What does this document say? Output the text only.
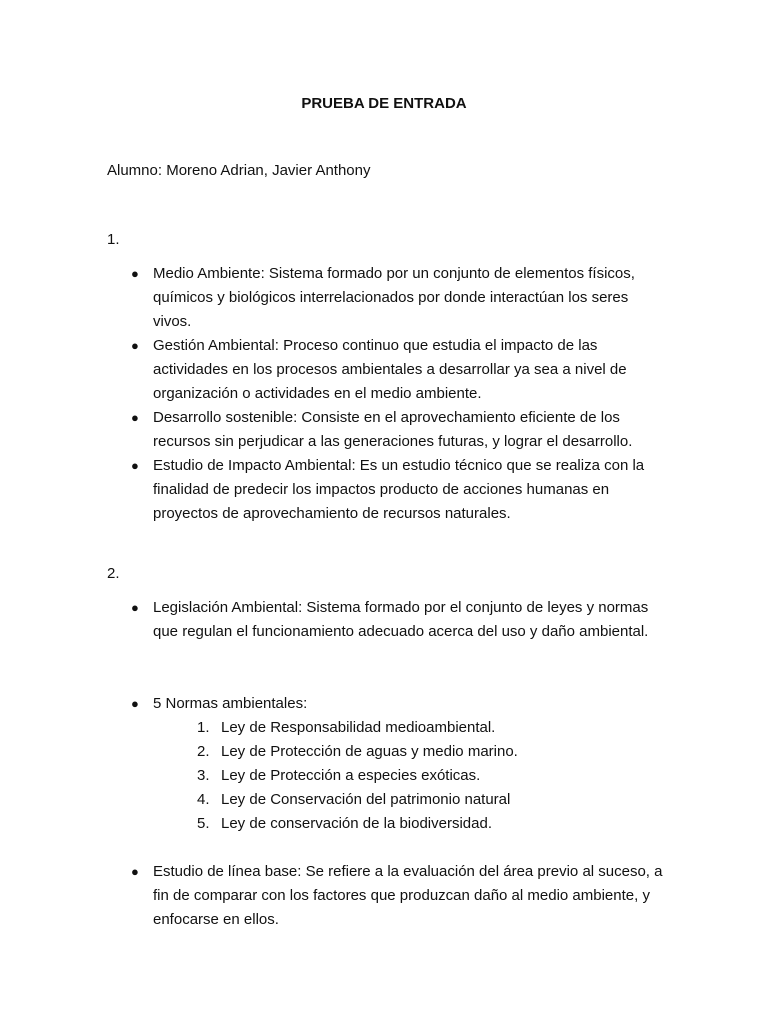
PRUEBA DE ENTRADA
Alumno: Moreno Adrian, Javier Anthony
1.
● Medio Ambiente: Sistema formado por un conjunto de elementos físicos, químicos y biológicos interrelacionados por donde interactúan los seres vivos.
● Gestión Ambiental: Proceso continuo que estudia el impacto de las actividades en los procesos ambientales a desarrollar ya sea a nivel de organización o actividades en el medio ambiente.
● Desarrollo sostenible: Consiste en el aprovechamiento eficiente de los recursos sin perjudicar a las generaciones futuras, y lograr el desarrollo.
● Estudio de Impacto Ambiental: Es un estudio técnico que se realiza con la finalidad de predecir los impactos producto de acciones humanas en proyectos de aprovechamiento de recursos naturales.
2.
● Legislación Ambiental: Sistema formado por el conjunto de leyes y normas que regulan el funcionamiento adecuado acerca del uso y daño ambiental.
● 5 Normas ambientales:
1. Ley de Responsabilidad medioambiental.
2. Ley de Protección de aguas y medio marino.
3. Ley de Protección a especies exóticas.
4. Ley de Conservación del patrimonio natural
5. Ley de conservación de la biodiversidad.
● Estudio de línea base: Se refiere a la evaluación del área previo al suceso, a fin de comparar con los factores que produzcan daño al medio ambiente, y enfocarse en ellos.
